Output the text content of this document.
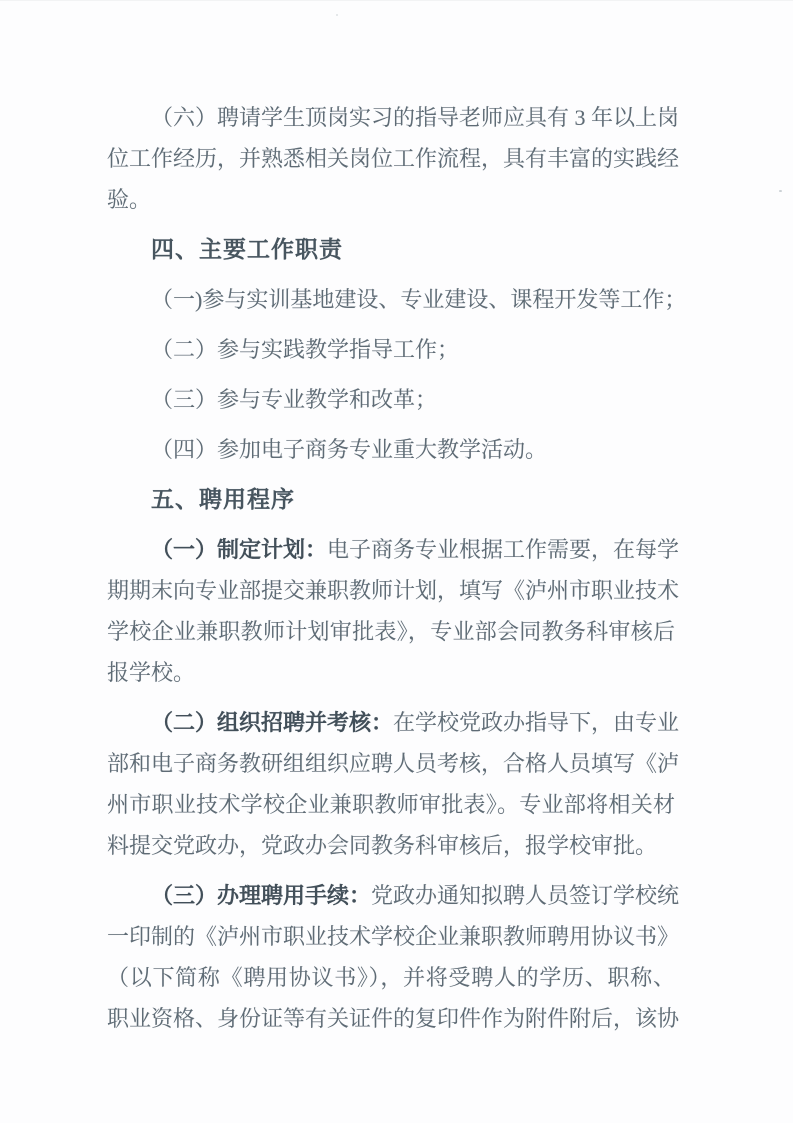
（六）聘请学生顶岗实习的指导老师应具有 3 年以上岗
位工作经历，并熟悉相关岗位工作流程，具有丰富的实践经
验。
四、主要工作职责
（一)参与实训基地建设、专业建设、课程开发等工作；
（二）参与实践教学指导工作；
（三）参与专业教学和改革；
（四）参加电子商务专业重大教学活动。
五、聘用程序
（一）制定计划：电子商务专业根据工作需要，在每学
期期末向专业部提交兼职教师计划，填写《泸州市职业技术
学校企业兼职教师计划审批表》，专业部会同教务科审核后
报学校。
（二）组织招聘并考核：在学校党政办指导下，由专业
部和电子商务教研组组织应聘人员考核，合格人员填写《泸
州市职业技术学校企业兼职教师审批表》。专业部将相关材
料提交党政办，党政办会同教务科审核后，报学校审批。
（三）办理聘用手续：党政办通知拟聘人员签订学校统
一印制的《泸州市职业技术学校企业兼职教师聘用协议书》
（以下简称《聘用协议书》），并将受聘人的学历、职称、
职业资格、身份证等有关证件的复印件作为附件附后，该协
